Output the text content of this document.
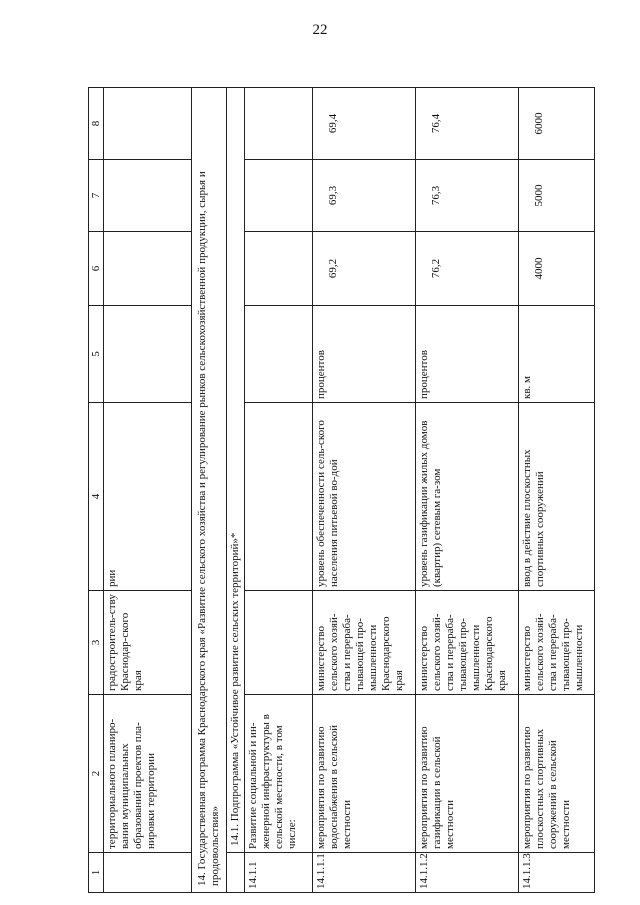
22
1	2	3	4	5	6	7	8
	территориального планиро-вания муниципальных образований проектов пла-нировки территории	градостроитель-ству Краснодар-ского края	рии				
14. Государственная программа Краснодарского края «Развитие сельского хозяйства и регулирование рынков сельскохозяйственной продукции, сырья и продовольствия»							
	14.1. Подпрограмма «Устойчивое развитие сельских территорий»*						
14.1.1	Развитие социальной и ин-женерной инфраструктуры в сельской местности, в том числе:						
14.1.1.1	мероприятия по развитию водоснабжения в сельской местности	министерство сельского хозяй-ства и перераба-тывающей про-мышленности Краснодарского края	уровень обеспеченности сель-ского населения питьевой во-дой	процентов	69,2	69,3	69,4

14.1.1.2	мероприятия по развитию газификации в сельской местности	министерство сельского хозяй-ства и перераба-тывающей про-мышленности Краснодарского края	уровень газификации жилых домов (квартир) сетевым га-зом	процентов	76,2	76,3	76,4

14.1.1.3	мероприятия по развитию плоскостных спортивных сооружений в сельской местности	министерство сельского хозяй-ства и перераба-тывающей про-мышленности	ввод в действие плоскостных спортивных сооружений	кв. м	4000	5000	6000
